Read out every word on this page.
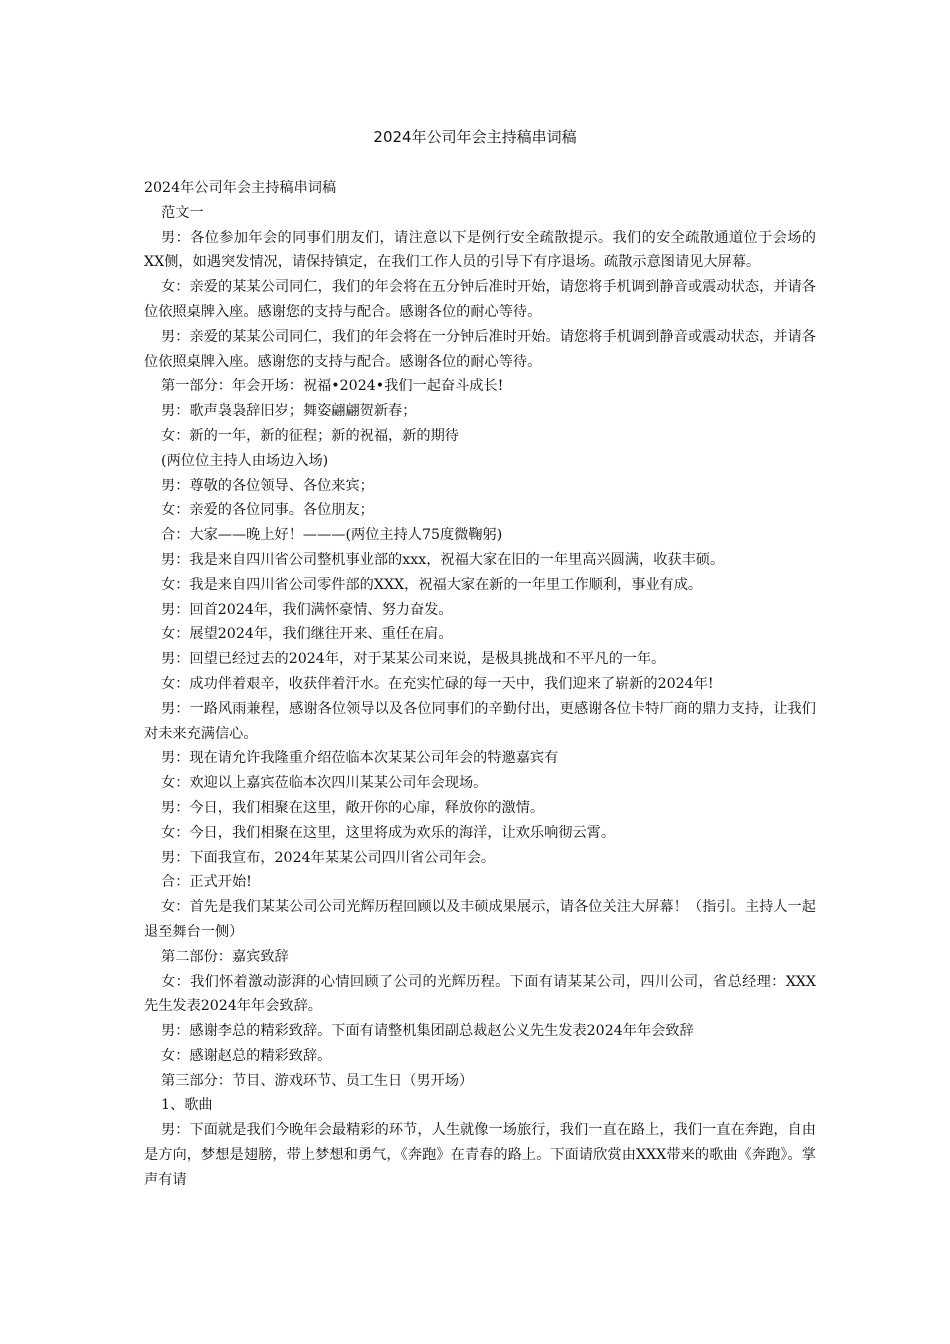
2024年公司年会主持稿串词稿

2024年公司年会主持稿串词稿

范文一

男：各位参加年会的同事们朋友们，请注意以下是例行安全疏散提示。我们的安全疏散通道位于会场的XX侧，如遇突发情况，请保持镇定，在我们工作人员的引导下有序退场。疏散示意图请见大屏幕。

女：亲爱的某某公司同仁，我们的年会将在五分钟后准时开始，请您将手机调到静音或震动状态，并请各位依照桌牌入座。感谢您的支持与配合。感谢各位的耐心等待。

男：亲爱的某某公司同仁，我们的年会将在一分钟后准时开始。请您将手机调到静音或震动状态，并请各位依照桌牌入座。感谢您的支持与配合。感谢各位的耐心等待。

第一部分：年会开场：祝福•2024•我们一起奋斗成长!

男：歌声袅袅辞旧岁；舞姿翩翩贺新春；

女：新的一年，新的征程；新的祝福，新的期待

(两位位主持人由场边入场)

男：尊敬的各位领导、各位来宾；

女：亲爱的各位同事。各位朋友；

合：大家——晚上好！———(两位主持人75度微鞠躬)

男：我是来自四川省公司整机事业部的xxx，祝福大家在旧的一年里高兴圆满，收获丰硕。

女：我是来自四川省公司零件部的XXX，祝福大家在新的一年里工作顺利，事业有成。

男：回首2024年，我们满怀豪情、努力奋发。

女：展望2024年，我们继往开来、重任在肩。

男：回望已经过去的2024年，对于某某公司来说，是极具挑战和不平凡的一年。

女：成功伴着艰辛，收获伴着汗水。在充实忙碌的每一天中，我们迎来了崭新的2024年!

男：一路风雨兼程，感谢各位领导以及各位同事们的辛勤付出，更感谢各位卡特厂商的鼎力支持，让我们对未来充满信心。

男：现在请允许我隆重介绍莅临本次某某公司年会的特邀嘉宾有

女：欢迎以上嘉宾莅临本次四川某某公司年会现场。

男：今日，我们相聚在这里，敞开你的心扉，释放你的激情。

女：今日，我们相聚在这里，这里将成为欢乐的海洋，让欢乐响彻云霄。

男：下面我宣布，2024年某某公司四川省公司年会。

合：正式开始!

女：首先是我们某某公司公司光辉历程回顾以及丰硕成果展示，请各位关注大屏幕！（指引。主持人一起退至舞台一侧）

第二部份：嘉宾致辞

女：我们怀着激动澎湃的心情回顾了公司的光辉历程。下面有请某某公司，四川公司，省总经理：XXX 先生发表2024年年会致辞。

男：感谢李总的精彩致辞。下面有请整机集团副总裁赵公义先生发表2024年年会致辞

女：感谢赵总的精彩致辞。

第三部分：节目、游戏环节、员工生日（男开场）

1、歌曲

男：下面就是我们今晚年会最精彩的环节，人生就像一场旅行，我们一直在路上，我们一直在奔跑，自由是方向，梦想是翅膀，带上梦想和勇气，《奔跑》在青春的路上。下面请欣赏由XXX带来的歌曲《奔跑》。掌声有请
